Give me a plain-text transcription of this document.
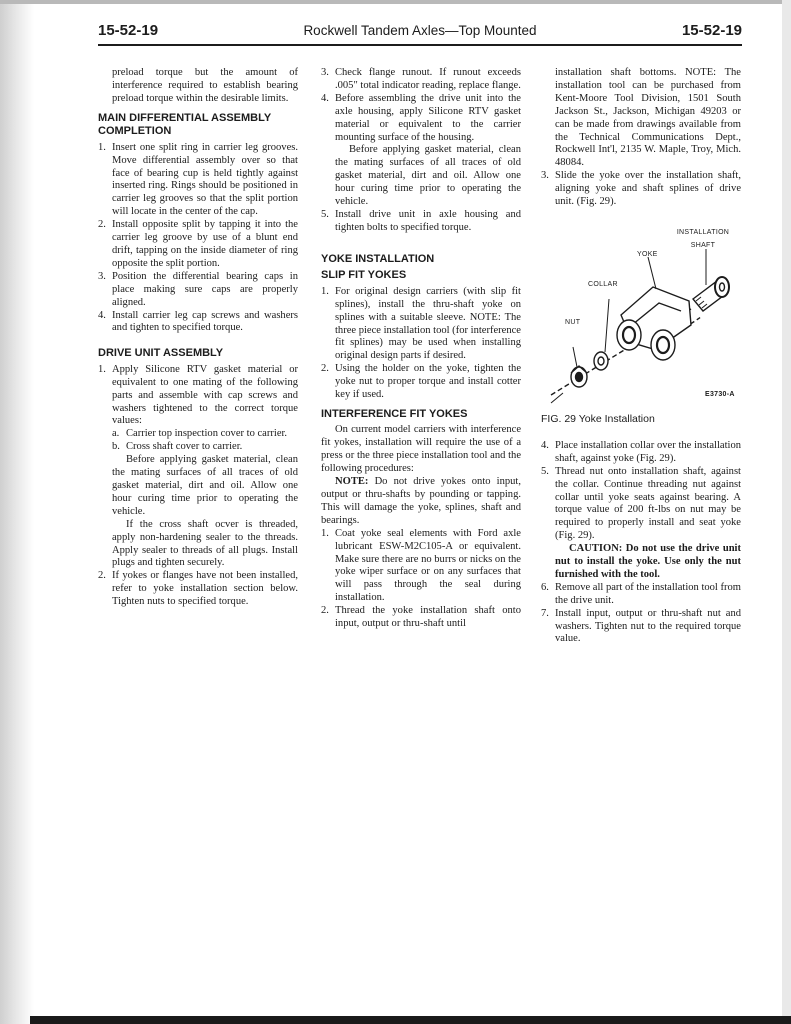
15-52-19	Rockwell Tandem Axles—Top Mounted	15-52-19

preload torque but the amount of interference required to establish bearing preload torque within the desirable limits.

MAIN DIFFERENTIAL ASSEMBLY COMPLETION
1. Insert one split ring in carrier leg grooves. Move differential assembly over so that face of bearing cup is held tightly against inserted ring. Rings should be positioned in carrier leg grooves so that the split portion will locate in the center of the cap.
2. Install opposite split by tapping it into the carrier leg groove by use of a blunt end drift, tapping on the inside diameter of ring opposite the split portion.
3. Position the differential bearing caps in place making sure caps are properly aligned.
4. Install carrier leg cap screws and washers and tighten to specified torque.
DRIVE UNIT ASSEMBLY
1. Apply Silicone RTV gasket material or equivalent to one mating of the following parts and assemble with cap screws and washers tightened to the correct torque values:
a. Carrier top inspection cover to carrier.
b. Cross shaft cover to carrier.

Before applying gasket material, clean the mating surfaces of all traces of old gasket material, dirt and oil. Allow one hour curing time prior to operating the vehicle.

If the cross shaft ocver is threaded, apply non-hardening sealer to the threads. Apply sealer to threads of all plugs. Install plugs and tighten securely.

2. If yokes or flanges have not been installed, refer to yoke installation section below. Tighten nuts to specified torque.
3. Check flange runout. If runout exceeds .005" total indicator reading, replace flange.
4. Before assembling the drive unit into the axle housing, apply Silicone RTV gasket material or equivalent to the carrier mounting surface of the housing.

Before applying gasket material, clean the mating surfaces of all traces of old gasket material, dirt and oil. Allow one hour curing time prior to operating the vehicle.

5. Install drive unit in axle housing and tighten bolts to specified torque.
YOKE INSTALLATION
SLIP FIT YOKES
1. For original design carriers (with slip fit splines), install the thru-shaft yoke on splines with a suitable sleeve. NOTE: The three piece installation tool (for interference fit splines) may be used when installing original design parts if desired.
2. Using the holder on the yoke, tighten the yoke nut to proper torque and install cotter key if used.
INTERFERENCE FIT YOKES

On current model carriers with interference fit yokes, installation will require the use of a press or the three piece installation tool and the following procedures:

NOTE: Do not drive yokes onto input, output or thru-shafts by pounding or tapping. This will damage the yoke, splines, shaft and bearings.

1. Coat yoke seal elements with Ford axle lubricant ESW-M2C105-A or equivalent. Make sure there are no burrs or nicks on the yoke wiper surface or on any surfaces that will pass through the seal during installation.
2. Thread the yoke installation shaft onto input, output or thru-shaft until

installation shaft bottoms. NOTE: The installation tool can be purchased from Kent-Moore Tool Division, 1501 South Jackson St., Jackson, Michigan 49203 or can be made from drawings available from the Technical Communications Dept., Rockwell Int'l, 2135 W. Maple, Troy, Mich. 48084.

3. Slide the yoke over the installation shaft, aligning yoke and shaft splines of drive unit. (Fig. 29).
INSTALLATION
SHAFT
YOKE
COLLAR
NUT
E3730-A
FIG. 29 Yoke Installation
4. Place installation collar over the installation shaft, against yoke (Fig. 29).
5. Thread nut onto installation shaft, against the collar. Continue threading nut against collar until yoke seats against bearing. A torque value of 200 ft-lbs on nut may be required to properly install and seat yoke (Fig. 29).

CAUTION: Do not use the drive unit nut to install the yoke. Use only the nut furnished with the tool.

6. Remove all part of the installation tool from the drive unit.
7. Install input, output or thru-shaft nut and washers. Tighten nut to the required torque value.
